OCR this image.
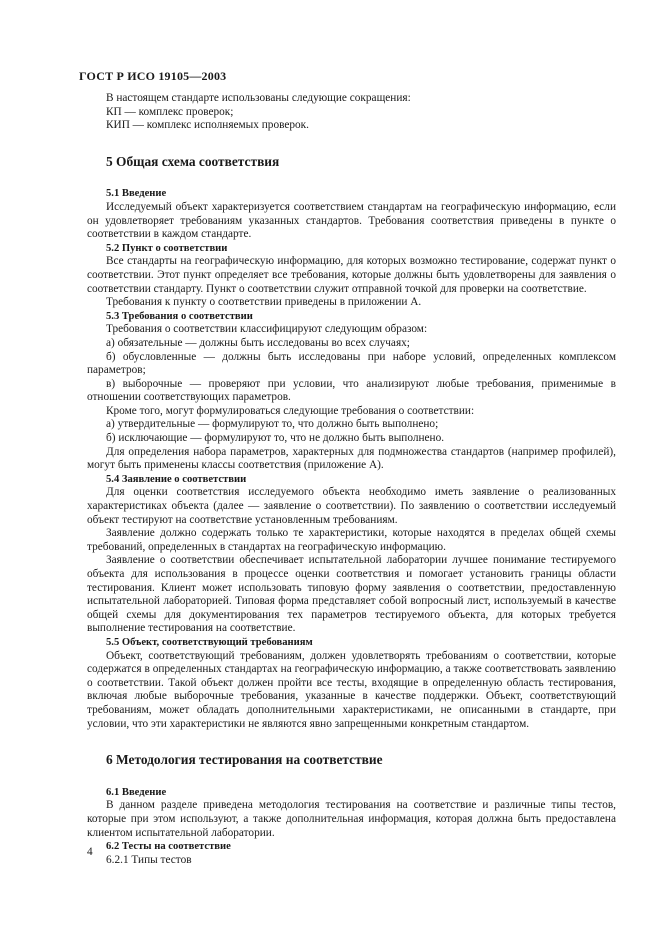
ГОСТ Р ИСО 19105—2003

В настоящем стандарте использованы следующие сокращения:

КП — комплекс проверок;

КИП — комплекс исполняемых проверок.

5 Общая схема соответствия
5.1 Введение

Исследуемый объект характеризуется соответствием стандартам на географическую информацию, если он удовлетворяет требованиям указанных стандартов. Требования соответствия приведены в пункте о соответствии в каждом стандарте.

5.2 Пункт о соответствии

Все стандарты на географическую информацию, для которых возможно тестирование, содержат пункт о соответствии. Этот пункт определяет все требования, которые должны быть удовлетворены для заявления о соответствии стандарту. Пункт о соответствии служит отправной точкой для проверки на соответствие.

Требования к пункту о соответствии приведены в приложении А.

5.3 Требования о соответствии

Требования о соответствии классифицируют следующим образом:

а) обязательные — должны быть исследованы во всех случаях;

б) обусловленные — должны быть исследованы при наборе условий, определенных комплексом параметров;

в) выборочные — проверяют при условии, что анализируют любые требования, применимые в отношении соответствующих параметров.

Кроме того, могут формулироваться следующие требования о соответствии:

а) утвердительные — формулируют то, что должно быть выполнено;

б) исключающие — формулируют то, что не должно быть выполнено.

Для определения набора параметров, характерных для подмножества стандартов (например профилей), могут быть применены классы соответствия (приложение А).

5.4 Заявление о соответствии

Для оценки соответствия исследуемого объекта необходимо иметь заявление о реализованных характеристиках объекта (далее — заявление о соответствии). По заявлению о соответствии исследуемый объект тестируют на соответствие установленным требованиям.

Заявление должно содержать только те характеристики, которые находятся в пределах общей схемы требований, определенных в стандартах на географическую информацию.

Заявление о соответствии обеспечивает испытательной лаборатории лучшее понимание тестируемого объекта для использования в процессе оценки соответствия и помогает установить границы области тестирования. Клиент может использовать типовую форму заявления о соответствии, предоставленную испытательной лабораторией. Типовая форма представляет собой вопросный лист, используемый в качестве общей схемы для документирования тех параметров тестируемого объекта, для которых требуется выполнение тестирования на соответствие.

5.5 Объект, соответствующий требованиям

Объект, соответствующий требованиям, должен удовлетворять требованиям о соответствии, которые содержатся в определенных стандартах на географическую информацию, а также соответствовать заявлению о соответствии. Такой объект должен пройти все тесты, входящие в определенную область тестирования, включая любые выборочные требования, указанные в качестве поддержки. Объект, соответствующий требованиям, может обладать дополнительными характеристиками, не описанными в стандарте, при условии, что эти характеристики не являются явно запрещенными конкретным стандартом.

6 Методология тестирования на соответствие
6.1 Введение

В данном разделе приведена методология тестирования на соответствие и различные типы тестов, которые при этом используют, а также дополнительная информация, которая должна быть предоставлена клиентом испытательной лаборатории.

6.2 Тесты на соответствие

6.2.1 Типы тестов

4
